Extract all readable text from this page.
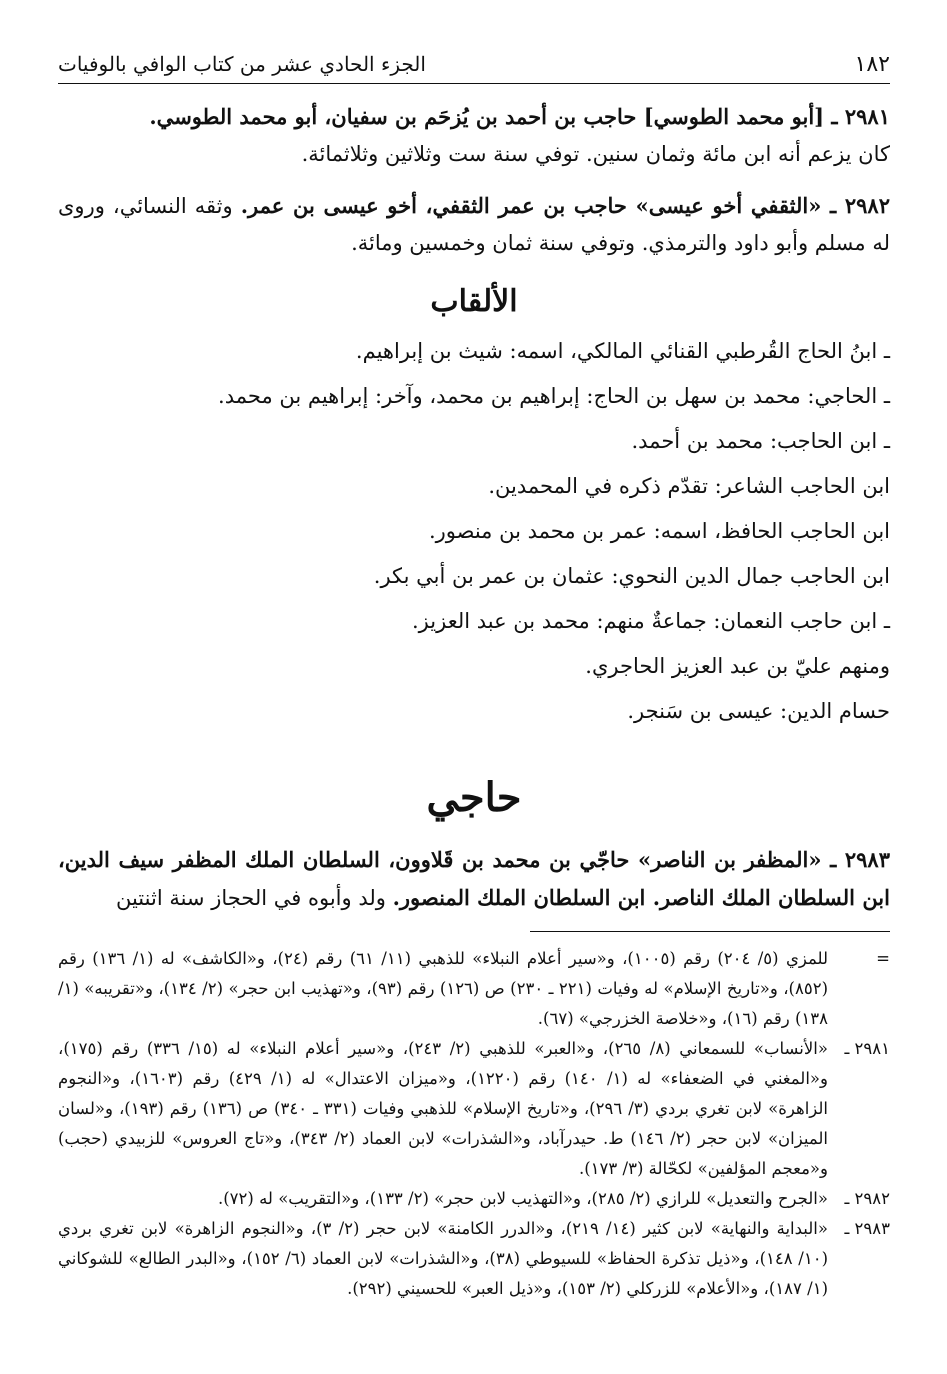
١٨٢
الجزء الحادي عشر من كتاب الوافي بالوفيات
٢٩٨١ ـ [أبو محمد الطوسي] حاجب بن أحمد بن يُزحَم بن سفيان، أبو محمد الطوسي.
كان يزعم أنه ابن مائة وثمان سنين. توفي سنة ست وثلاثين وثلاثمائة.
٢٩٨٢ ـ «الثقفي أخو عيسى» حاجب بن عمر الثقفي، أخو عيسى بن عمر. وثقه النسائي، وروى له مسلم وأبو داود والترمذي. وتوفي سنة ثمان وخمسين ومائة.
الألقاب
ـ ابنُ الحاج القُرطبي القنائي المالكي، اسمه: شيث بن إبراهيم.
ـ الحاجي: محمد بن سهل بن الحاج: إبراهيم بن محمد، وآخر: إبراهيم بن محمد.
ـ ابن الحاجب: محمد بن أحمد.
ابن الحاجب الشاعر: تقدّم ذكره في المحمدين.
ابن الحاجب الحافظ، اسمه: عمر بن محمد بن منصور.
ابن الحاجب جمال الدين النحوي: عثمان بن عمر بن أبي بكر.
ـ ابن حاجب النعمان: جماعةٌ منهم: محمد بن عبد العزيز.
ومنهم عليّ بن عبد العزيز الحاجري.
حسام الدين: عيسى بن سَنجر.
حاجي
٢٩٨٣ ـ «المظفر بن الناصر» حاجّي بن محمد بن قَلاوون، السلطان الملك المظفر سيف الدين، ابن السلطان الملك الناصر. ابن السلطان الملك المنصور. ولد وأبوه في الحجاز سنة اثنتين
=
للمزي (٥/ ٢٠٤) رقم (١٠٠٥)، و«سير أعلام النبلاء» للذهبي (١١/ ٦١) رقم (٢٤)، و«الكاشف» له (١/ ١٣٦) رقم (٨٥٢)، و«تاريخ الإسلام» له وفيات (٢٢١ ـ ٢٣٠) ص (١٢٦) رقم (٩٣)، و«تهذيب ابن حجر» (٢/ ١٣٤)، و«تقريبه» (١/ ١٣٨) رقم (١٦)، و«خلاصة الخزرجي» (٦٧).
٢٩٨١ ـ
«الأنساب» للسمعاني (٨/ ٢٦٥)، و«العبر» للذهبي (٢/ ٢٤٣)، و«سير أعلام النبلاء» له (١٥/ ٣٣٦) رقم (١٧٥)، و«المغني في الضعفاء» له (١/ ١٤٠) رقم (١٢٢٠)، و«ميزان الاعتدال» له (١/ ٤٢٩) رقم (١٦٠٣)، و«النجوم الزاهرة» لابن تغري بردي (٣/ ٢٩٦)، و«تاريخ الإسلام» للذهبي وفيات (٣٣١ ـ ٣٤٠) ص (١٣٦) رقم (١٩٣)، و«لسان الميزان» لابن حجر (٢/ ١٤٦) ط. حيدرآباد، و«الشذرات» لابن العماد (٢/ ٣٤٣)، و«تاج العروس» للزبيدي (حجب) و«معجم المؤلفين» لكحّالة (٣/ ١٧٣).
٢٩٨٢ ـ
«الجرح والتعديل» للرازي (٢/ ٢٨٥)، و«التهذيب لابن حجر» (٢/ ١٣٣)، و«التقريب» له (٧٢).
٢٩٨٣ ـ
«البداية والنهاية» لابن كثير (١٤/ ٢١٩)، و«الدرر الكامنة» لابن حجر (٢/ ٣)، و«النجوم الزاهرة» لابن تغري بردي (١٠/ ١٤٨)، و«ذيل تذكرة الحفاظ» للسيوطي (٣٨)، و«الشذرات» لابن العماد (٦/ ١٥٢)، و«البدر الطالع» للشوكاني (١/ ١٨٧)، و«الأعلام» للزركلي (٢/ ١٥٣)، و«ذيل العبر» للحسيني (٢٩٢).
